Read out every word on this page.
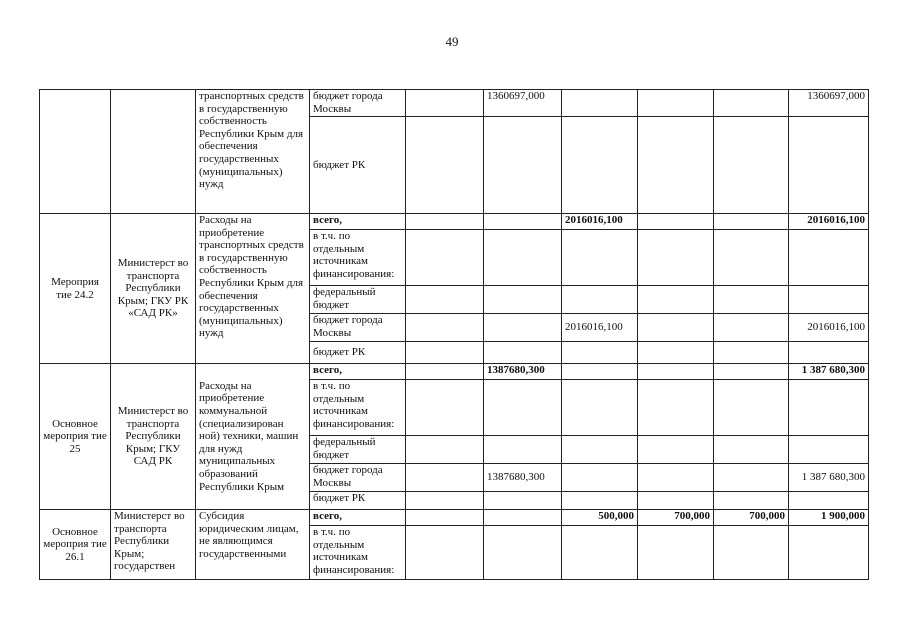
49
		транспортных средств в государственную собственность Республики Крым для обеспечения государственных (муниципальных) нужд	бюджет города Москвы		1360697,000				1360697,000
			бюджет РК						
Мероприя тие 24.2	Министерст во транспорта Республики Крым; ГКУ РК «САД РК»	Расходы на приобретение транспортных средств в государственную собственность Республики Крым для обеспечения государственных (муниципальных) нужд	всего,			2016016,100			2016016,100
			в т.ч. по отдельным источникам финансирования:						
			федеральный бюджет						
			бюджет города Москвы			2016016,100			2016016,100
			бюджет РК						
Основное мероприя тие 25	Министерст во транспорта Республики Крым; ГКУ САД РК	Расходы на приобретение коммунальной (специализирован ной) техники, машин для нужд муниципальных образований Республики Крым	всего,		1387680,300				1 387 680,300
			в т.ч. по отдельным источникам финансирования:						
			федеральный бюджет						
			бюджет города Москвы		1387680,300				1 387 680,300
			бюджет РК						
Основное мероприя тие 26.1	Министерст во транспорта Республики Крым; государствен	Субсидия юридическим лицам, не являющимся государственными	всего,			500,000	700,000	700,000	1 900,000
			в т.ч. по отдельным источникам финансирования:						
